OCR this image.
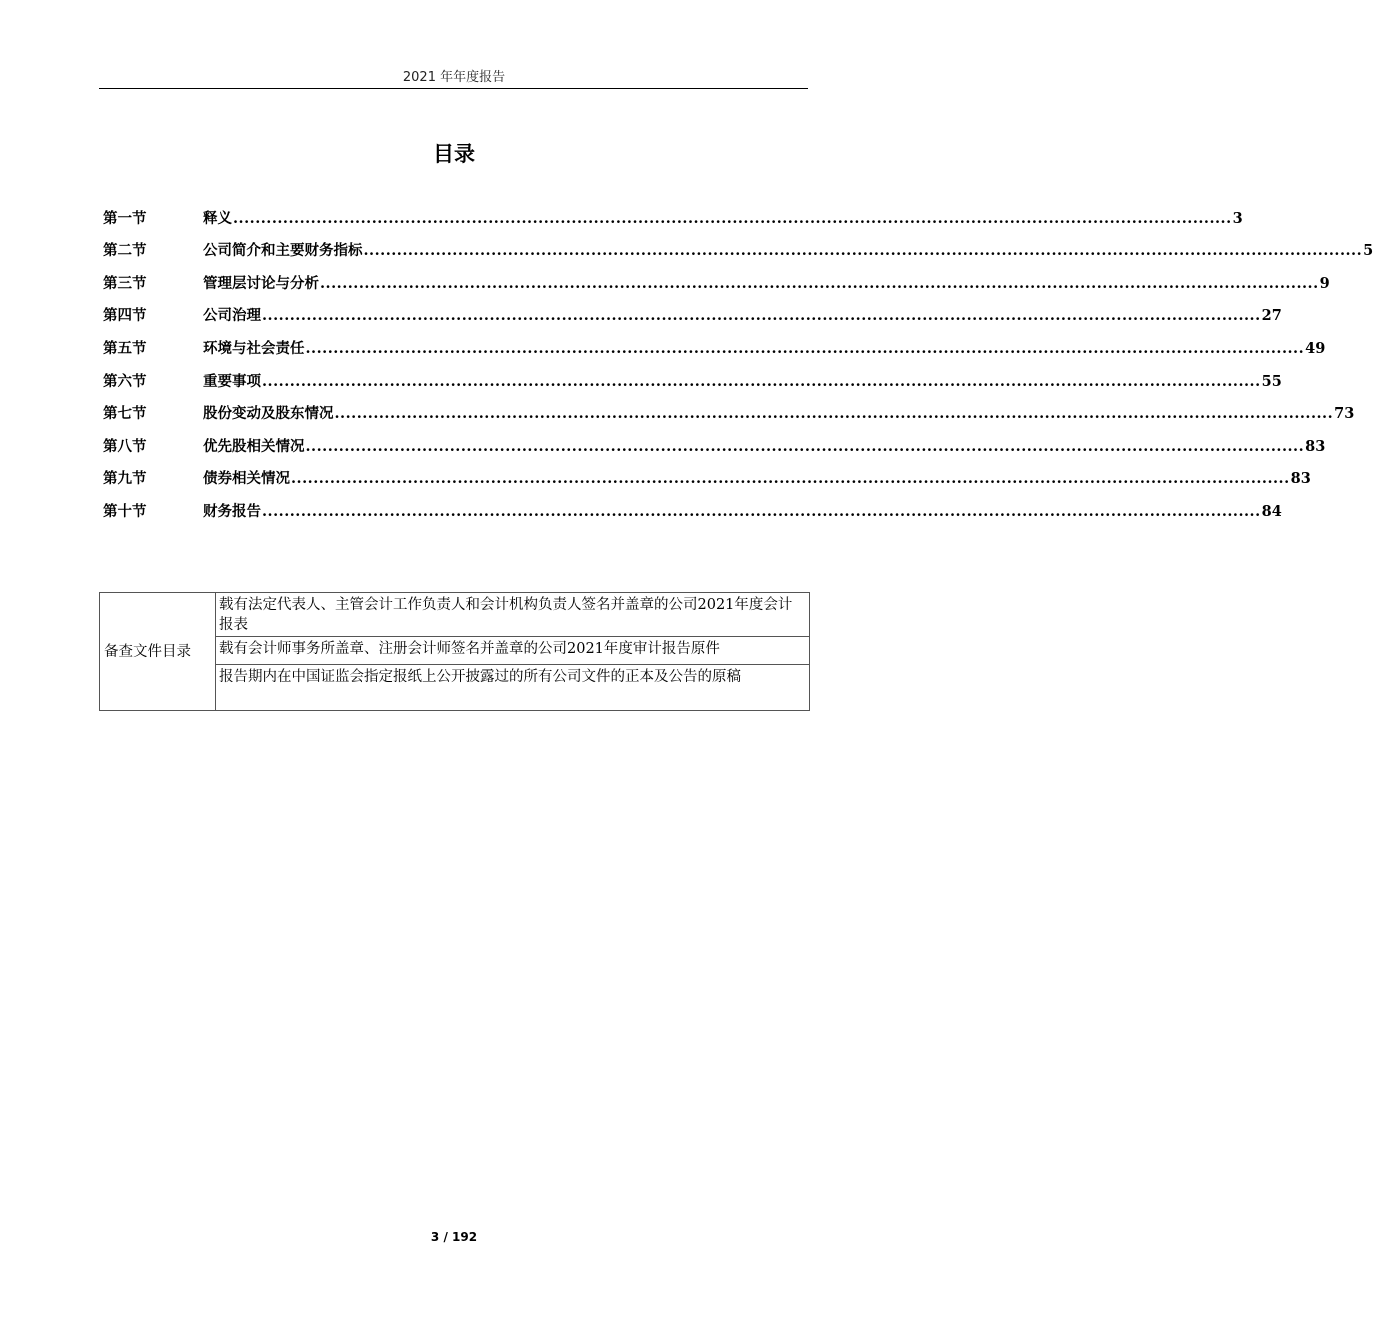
2021 年年度报告
目录
第一节	释义 .................................................................................................................................................................................... 3
第二节	公司简介和主要财务指标 .................................................................................................................................................................................... 5
第三节	管理层讨论与分析 .................................................................................................................................................................................... 9
第四节	公司治理 .................................................................................................................................................................................... 27
第五节	环境与社会责任 .................................................................................................................................................................................... 49
第六节	重要事项 .................................................................................................................................................................................... 55
第七节	股份变动及股东情况 .................................................................................................................................................................................... 73
第八节	优先股相关情况 .................................................................................................................................................................................... 83
第九节	债券相关情况 .................................................................................................................................................................................... 83
第十节	财务报告 .................................................................................................................................................................................... 84
备查文件目录	载有法定代表人、主管会计工作负责人和会计机构负责人签名并盖章的公司2021年度会计报表
载有会计师事务所盖章、注册会计师签名并盖章的公司2021年度审计报告原件
报告期内在中国证监会指定报纸上公开披露过的所有公司文件的正本及公告的原稿
3 / 192
